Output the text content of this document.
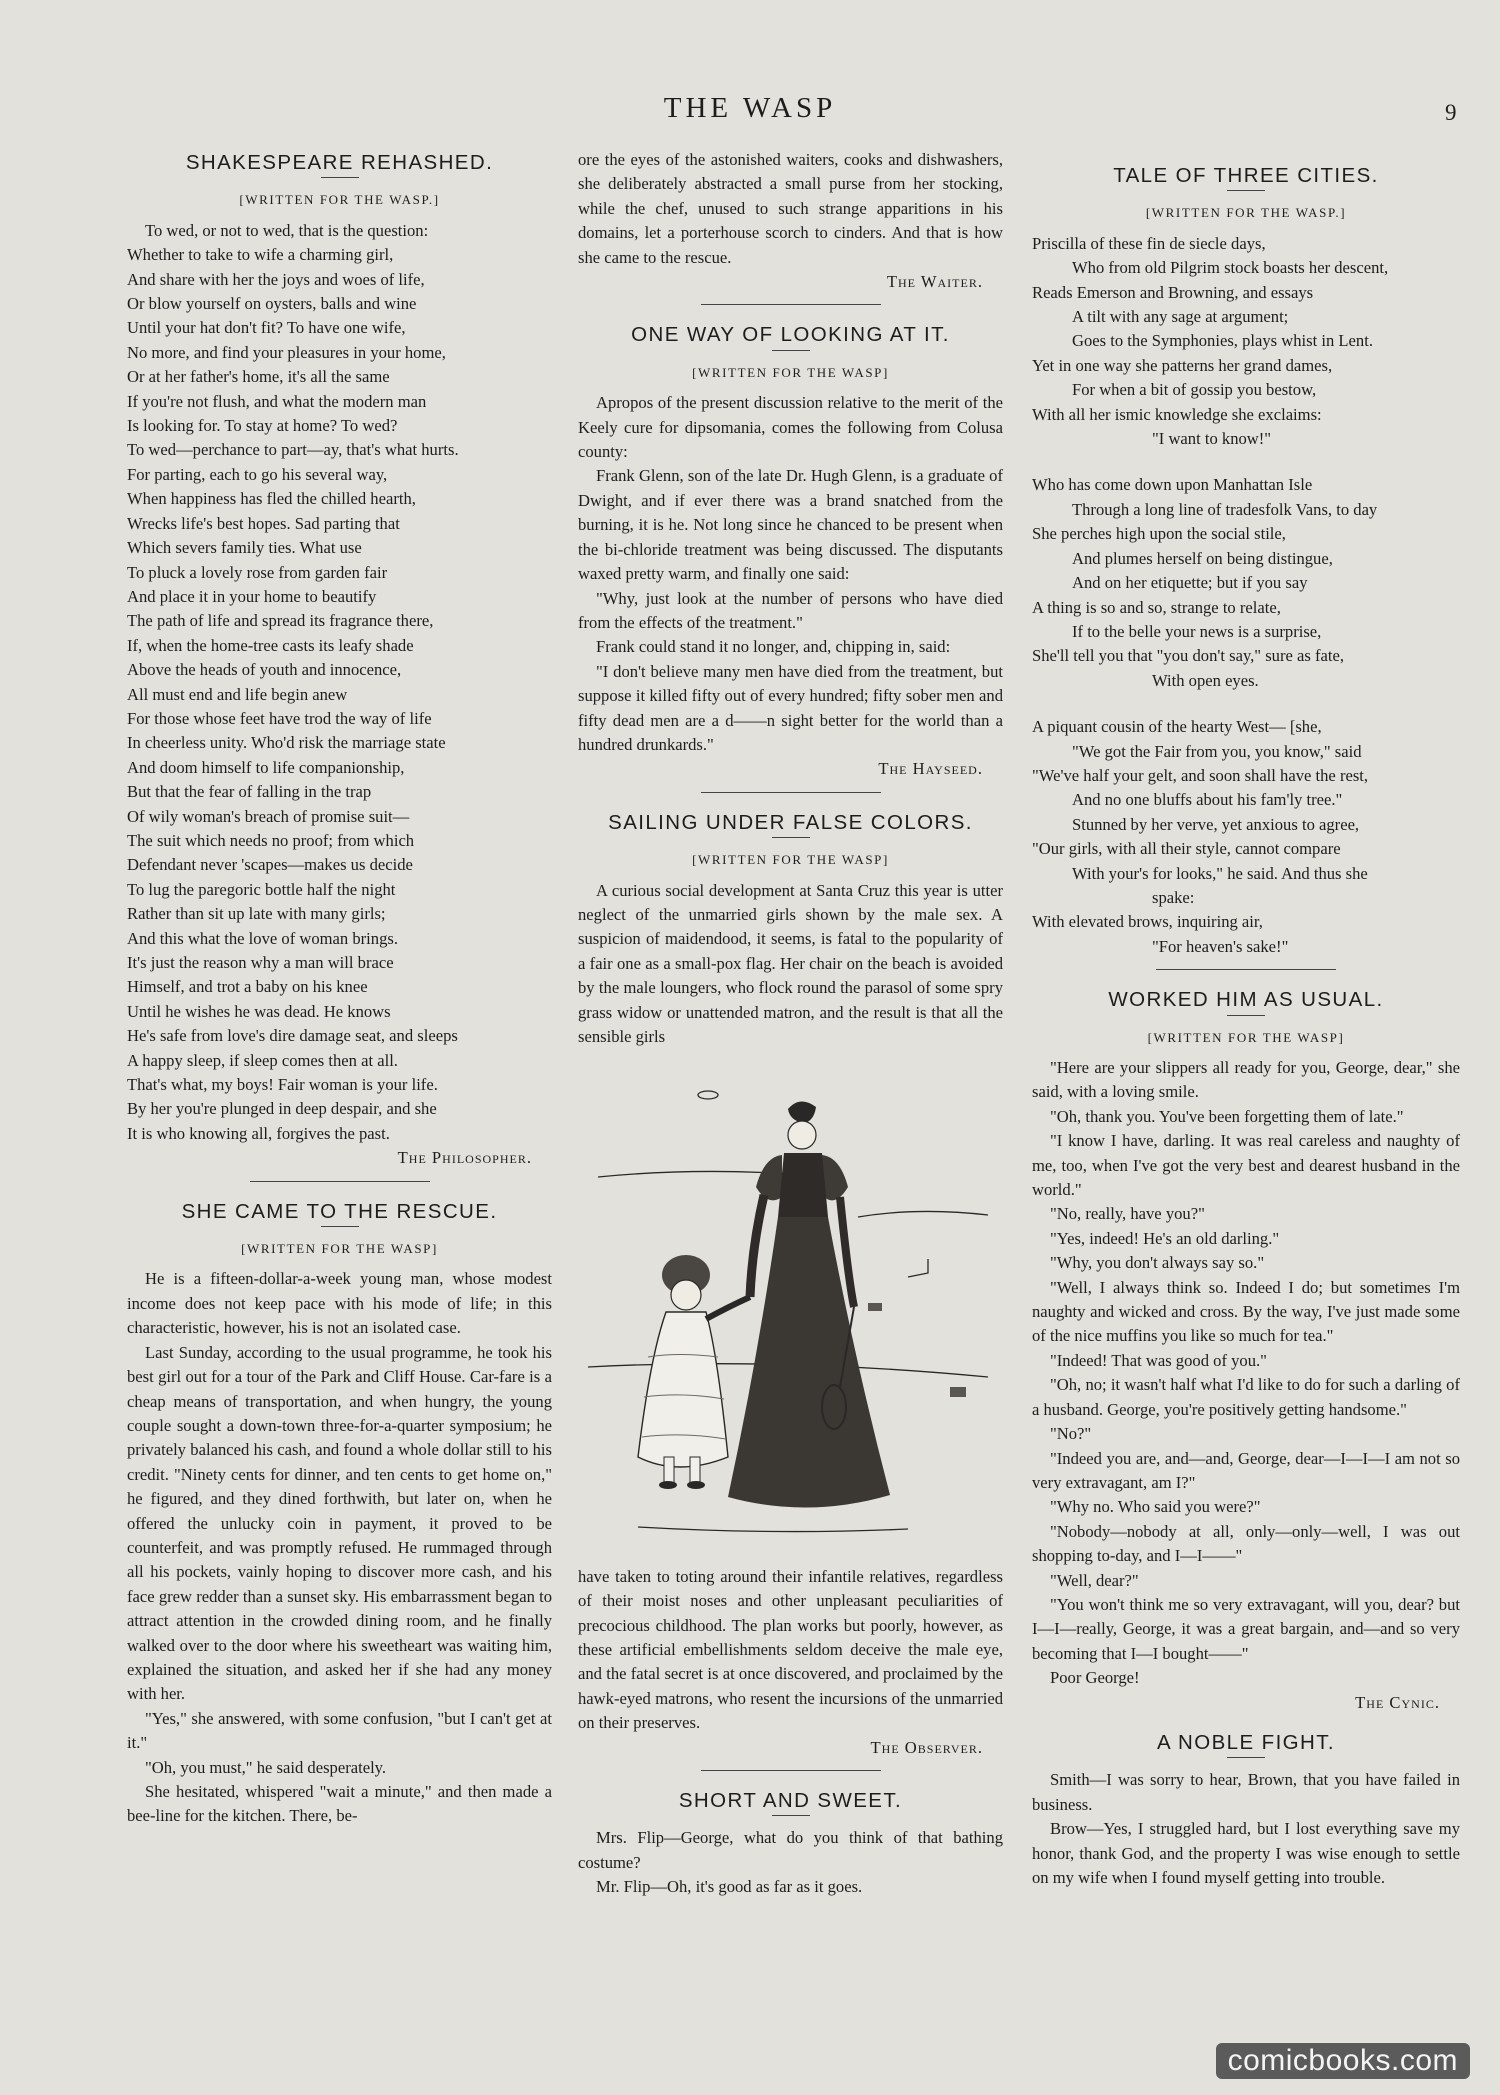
THE WASP	9
SHAKESPEARE REHASHED.
[WRITTEN FOR THE WASP.]
To wed, or not to wed, that is the question:
Whether to take to wife a charming girl,
And share with her the joys and woes of life,
Or blow yourself on oysters, balls and wine
Until your hat don't fit? To have one wife,
No more, and find your pleasures in your home,
Or at her father's home, it's all the same
If you're not flush, and what the modern man
Is looking for. To stay at home? To wed?
To wed—perchance to part—ay, that's what hurts.
For parting, each to go his several way,
When happiness has fled the chilled hearth,
Wrecks life's best hopes. Sad parting that
Which severs family ties. What use
To pluck a lovely rose from garden fair
And place it in your home to beautify
The path of life and spread its fragrance there,
If, when the home-tree casts its leafy shade
Above the heads of youth and innocence,
All must end and life begin anew
For those whose feet have trod the way of life
In cheerless unity. Who'd risk the marriage state
And doom himself to life companionship,
But that the fear of falling in the trap
Of wily woman's breach of promise suit—
The suit which needs no proof; from which
Defendant never 'scapes—makes us decide
To lug the paregoric bottle half the night
Rather than sit up late with many girls;
And this what the love of woman brings.
It's just the reason why a man will brace
Himself, and trot a baby on his knee
Until he wishes he was dead. He knows
He's safe from love's dire damage seat, and sleeps
A happy sleep, if sleep comes then at all.
That's what, my boys! Fair woman is your life.
By her you're plunged in deep despair, and she
It is who knowing all, forgives the past.
The Philosopher.
SHE CAME TO THE RESCUE.
[WRITTEN FOR THE WASP]

He is a fifteen-dollar-a-week young man, whose modest income does not keep pace with his mode of life; in this characteristic, however, his is not an isolated case.

Last Sunday, according to the usual programme, he took his best girl out for a tour of the Park and Cliff House. Car-fare is a cheap means of transportation, and when hungry, the young couple sought a down-town three-for-a-quarter symposium; he privately balanced his cash, and found a whole dollar still to his credit. "Ninety cents for dinner, and ten cents to get home on," he figured, and they dined forthwith, but later on, when he offered the unlucky coin in payment, it proved to be counterfeit, and was promptly refused. He rummaged through all his pockets, vainly hoping to discover more cash, and his face grew redder than a sunset sky. His embarrassment began to attract attention in the crowded dining room, and he finally walked over to the door where his sweetheart was waiting him, explained the situation, and asked her if she had any money with her.

"Yes," she answered, with some confusion, "but I can't get at it."

"Oh, you must," he said desperately.

She hesitated, whispered "wait a minute," and then made a bee-line for the kitchen. There, be-

ore the eyes of the astonished waiters, cooks and dishwashers, she deliberately abstracted a small purse from her stocking, while the chef, unused to such strange apparitions in his domains, let a porterhouse scorch to cinders. And that is how she came to the rescue.

The Waiter.
ONE WAY OF LOOKING AT IT.
[WRITTEN FOR THE WASP]

Apropos of the present discussion relative to the merit of the Keely cure for dipsomania, comes the following from Colusa county:

Frank Glenn, son of the late Dr. Hugh Glenn, is a graduate of Dwight, and if ever there was a brand snatched from the burning, it is he. Not long since he chanced to be present when the bi-chloride treatment was being discussed. The disputants waxed pretty warm, and finally one said:

"Why, just look at the number of persons who have died from the effects of the treatment."

Frank could stand it no longer, and, chipping in, said:

"I don't believe many men have died from the treatment, but suppose it killed fifty out of every hundred; fifty sober men and fifty dead men are a d——n sight better for the world than a hundred drunkards."

The Hayseed.
SAILING UNDER FALSE COLORS.
[WRITTEN FOR THE WASP]

A curious social development at Santa Cruz this year is utter neglect of the unmarried girls shown by the male sex. A suspicion of maidendood, it seems, is fatal to the popularity of a fair one as a small-pox flag. Her chair on the beach is avoided by the male loungers, who flock round the parasol of some spry grass widow or unattended matron, and the result is that all the sensible girls

have taken to toting around their infantile relatives, regardless of their moist noses and other unpleasant peculiarities of precocious childhood. The plan works but poorly, however, as these artificial embellishments seldom deceive the male eye, and the fatal secret is at once discovered, and proclaimed by the hawk-eyed matrons, who resent the incursions of the unmarried on their preserves.

The Observer.
SHORT AND SWEET.

Mrs. Flip—George, what do you think of that bathing costume?

Mr. Flip—Oh, it's good as far as it goes.

TALE OF THREE CITIES.
[WRITTEN FOR THE WASP.]
Priscilla of these fin de siecle days,
Who from old Pilgrim stock boasts her descent,
Reads Emerson and Browning, and essays
A tilt with any sage at argument;
Goes to the Symphonies, plays whist in Lent.
Yet in one way she patterns her grand dames,
For when a bit of gossip you bestow,
With all her ismic knowledge she exclaims:
"I want to know!"
Who has come down upon Manhattan Isle
Through a long line of tradesfolk Vans, to day
She perches high upon the social stile,
And plumes herself on being distingue,
And on her etiquette; but if you say
A thing is so and so, strange to relate,
If to the belle your news is a surprise,
She'll tell you that "you don't say," sure as fate,
With open eyes.
A piquant cousin of the hearty West— [she,
"We got the Fair from you, you know," said
"We've half your gelt, and soon shall have the rest,
And no one bluffs about his fam'ly tree."
Stunned by her verve, yet anxious to agree,
"Our girls, with all their style, cannot compare
With your's for looks," he said. And thus she
spake:
With elevated brows, inquiring air,
"For heaven's sake!"
WORKED HIM AS USUAL.
[WRITTEN FOR THE WASP]

"Here are your slippers all ready for you, George, dear," she said, with a loving smile.

"Oh, thank you. You've been forgetting them of late."

"I know I have, darling. It was real careless and naughty of me, too, when I've got the very best and dearest husband in the world."

"No, really, have you?"

"Yes, indeed! He's an old darling."

"Why, you don't always say so."

"Well, I always think so. Indeed I do; but sometimes I'm naughty and wicked and cross. By the way, I've just made some of the nice muffins you like so much for tea."

"Indeed! That was good of you."

"Oh, no; it wasn't half what I'd like to do for such a darling of a husband. George, you're positively getting handsome."

"No?"

"Indeed you are, and—and, George, dear—I—I—I am not so very extravagant, am I?"

"Why no. Who said you were?"

"Nobody—nobody at all, only—only—well, I was out shopping to-day, and I—I——"

"Well, dear?"

"You won't think me so very extravagant, will you, dear? but I—I—really, George, it was a great bargain, and—and so very becoming that I—I bought——"

Poor George!

The Cynic.
A NOBLE FIGHT.

Smith—I was sorry to hear, Brown, that you have failed in business.

Brow—Yes, I struggled hard, but I lost everything save my honor, thank God, and the property I was wise enough to settle on my wife when I found myself getting into trouble.

comicbooks.com
